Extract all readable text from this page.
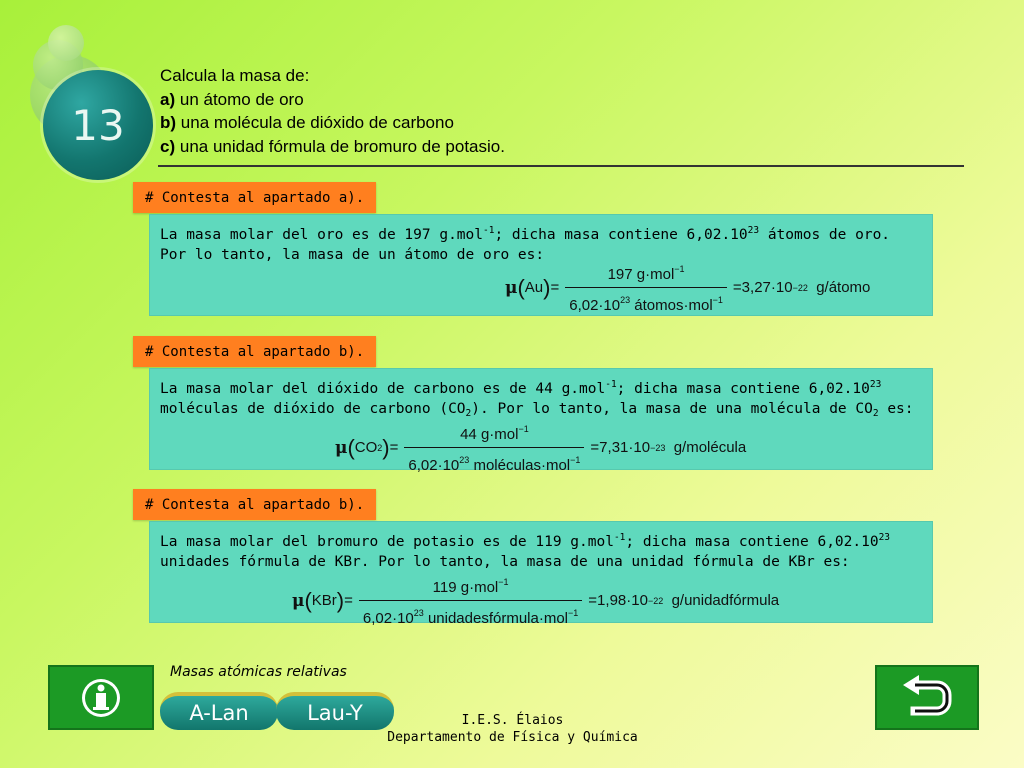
13
Calcula la masa de:
a) un átomo de oro
b) una molécula de dióxido de carbono
c) una unidad fórmula de bromuro de potasio.
# Contesta al apartado a).
La masa molar del oro es de 197 g.mol$^{-1}$; dicha masa contiene 6,02.10$^{23}$ átomos de oro.
Por lo tanto, la masa de un átomo de oro es:
μ ( Au ) = $\frac{197 g\cdot mol^{-1}}{6,02\cdot 10^{23} átomos\cdot mol^{-1}} =3,27\cdot 10 -22$
g/átomo
# Contesta al apartado b).
La masa molar del dióxido de carbono es de 44 g.mol$^{-1}$; dicha masa contiene 6,02.10$^{23}$
moléculas de dióxido de carbono $(CO_2)$. Por lo tanto, la masa de una molécula de $CO_2$ es:
μ ( CO 2 ) = $\frac{44 g\cdot mol^{-1}}{6,02\cdot 10^{23} moléculas\cdot mol^{-1}} =7,31\cdot 10 -23$
g/molécula
# Contesta al apartado b).
La masa molar del bromuro de potasio es de 119 g.mol$^{-1}$; dicha masa contiene 6,02.10$^{23}$
unidades fórmula de KBr. Por lo tanto, la masa de una unidad fórmula de KBr es:
μ ( KBr ) = $\frac{119 g\cdot mol^{-1}}{6,02\cdot 10^{23} unidadesfórmula\cdot mol^{-1}} =1,98\cdot 10 -22$
g/unidadfórmula
Masas atómicas relativas
A-Lan	Lau-Y	I.E.S. Élaios
Departamento de Física y Química
